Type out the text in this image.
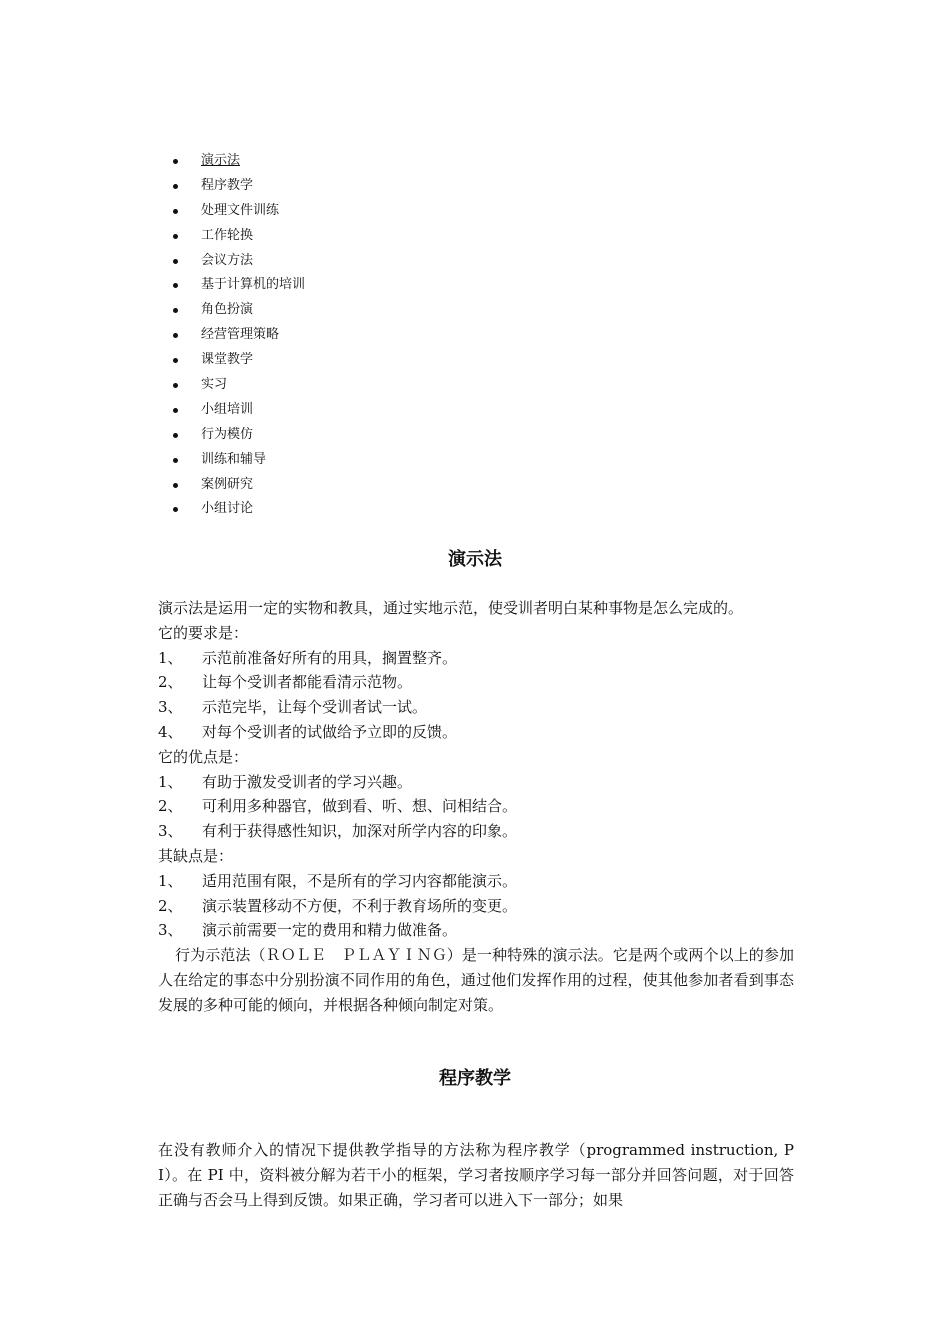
演示法
程序教学
处理文件训练
工作轮换
会议方法
基于计算机的培训
角色扮演
经营管理策略
课堂教学
实习
小组培训
行为模仿
训练和辅导
案例研究
小组讨论
演示法

演示法是运用一定的实物和教具，通过实地示范，使受训者明白某种事物是怎么完成的。

它的要求是：

1、	示范前准备好所有的用具，搁置整齐。

2、	让每个受训者都能看清示范物。

3、	示范完毕，让每个受训者试一试。

4、	对每个受训者的试做给予立即的反馈。

它的优点是：

1、	有助于激发受训者的学习兴趣。

2、	可利用多种器官，做到看、听、想、问相结合。

3、	有利于获得感性知识，加深对所学内容的印象。

其缺点是：

1、	适用范围有限，不是所有的学习内容都能演示。

2、	演示装置移动不方便，不利于教育场所的变更。

3、	演示前需要一定的费用和精力做准备。

行为示范法（ＲＯＬＥ　ＰＬＡＹＩＮＧ）是一种特殊的演示法。它是两个或两个以上的参加人在给定的事态中分别扮演不同作用的角色，通过他们发挥作用的过程，使其他参加者看到事态发展的多种可能的倾向，并根据各种倾向制定对策。

程序教学

在没有教师介入的情况下提供教学指导的方法称为程序教学（programmed instruction, PI）。在 PI 中，资料被分解为若干小的框架，学习者按顺序学习每一部分并回答问题，对于回答正确与否会马上得到反馈。如果正确，学习者可以进入下一部分；如果
